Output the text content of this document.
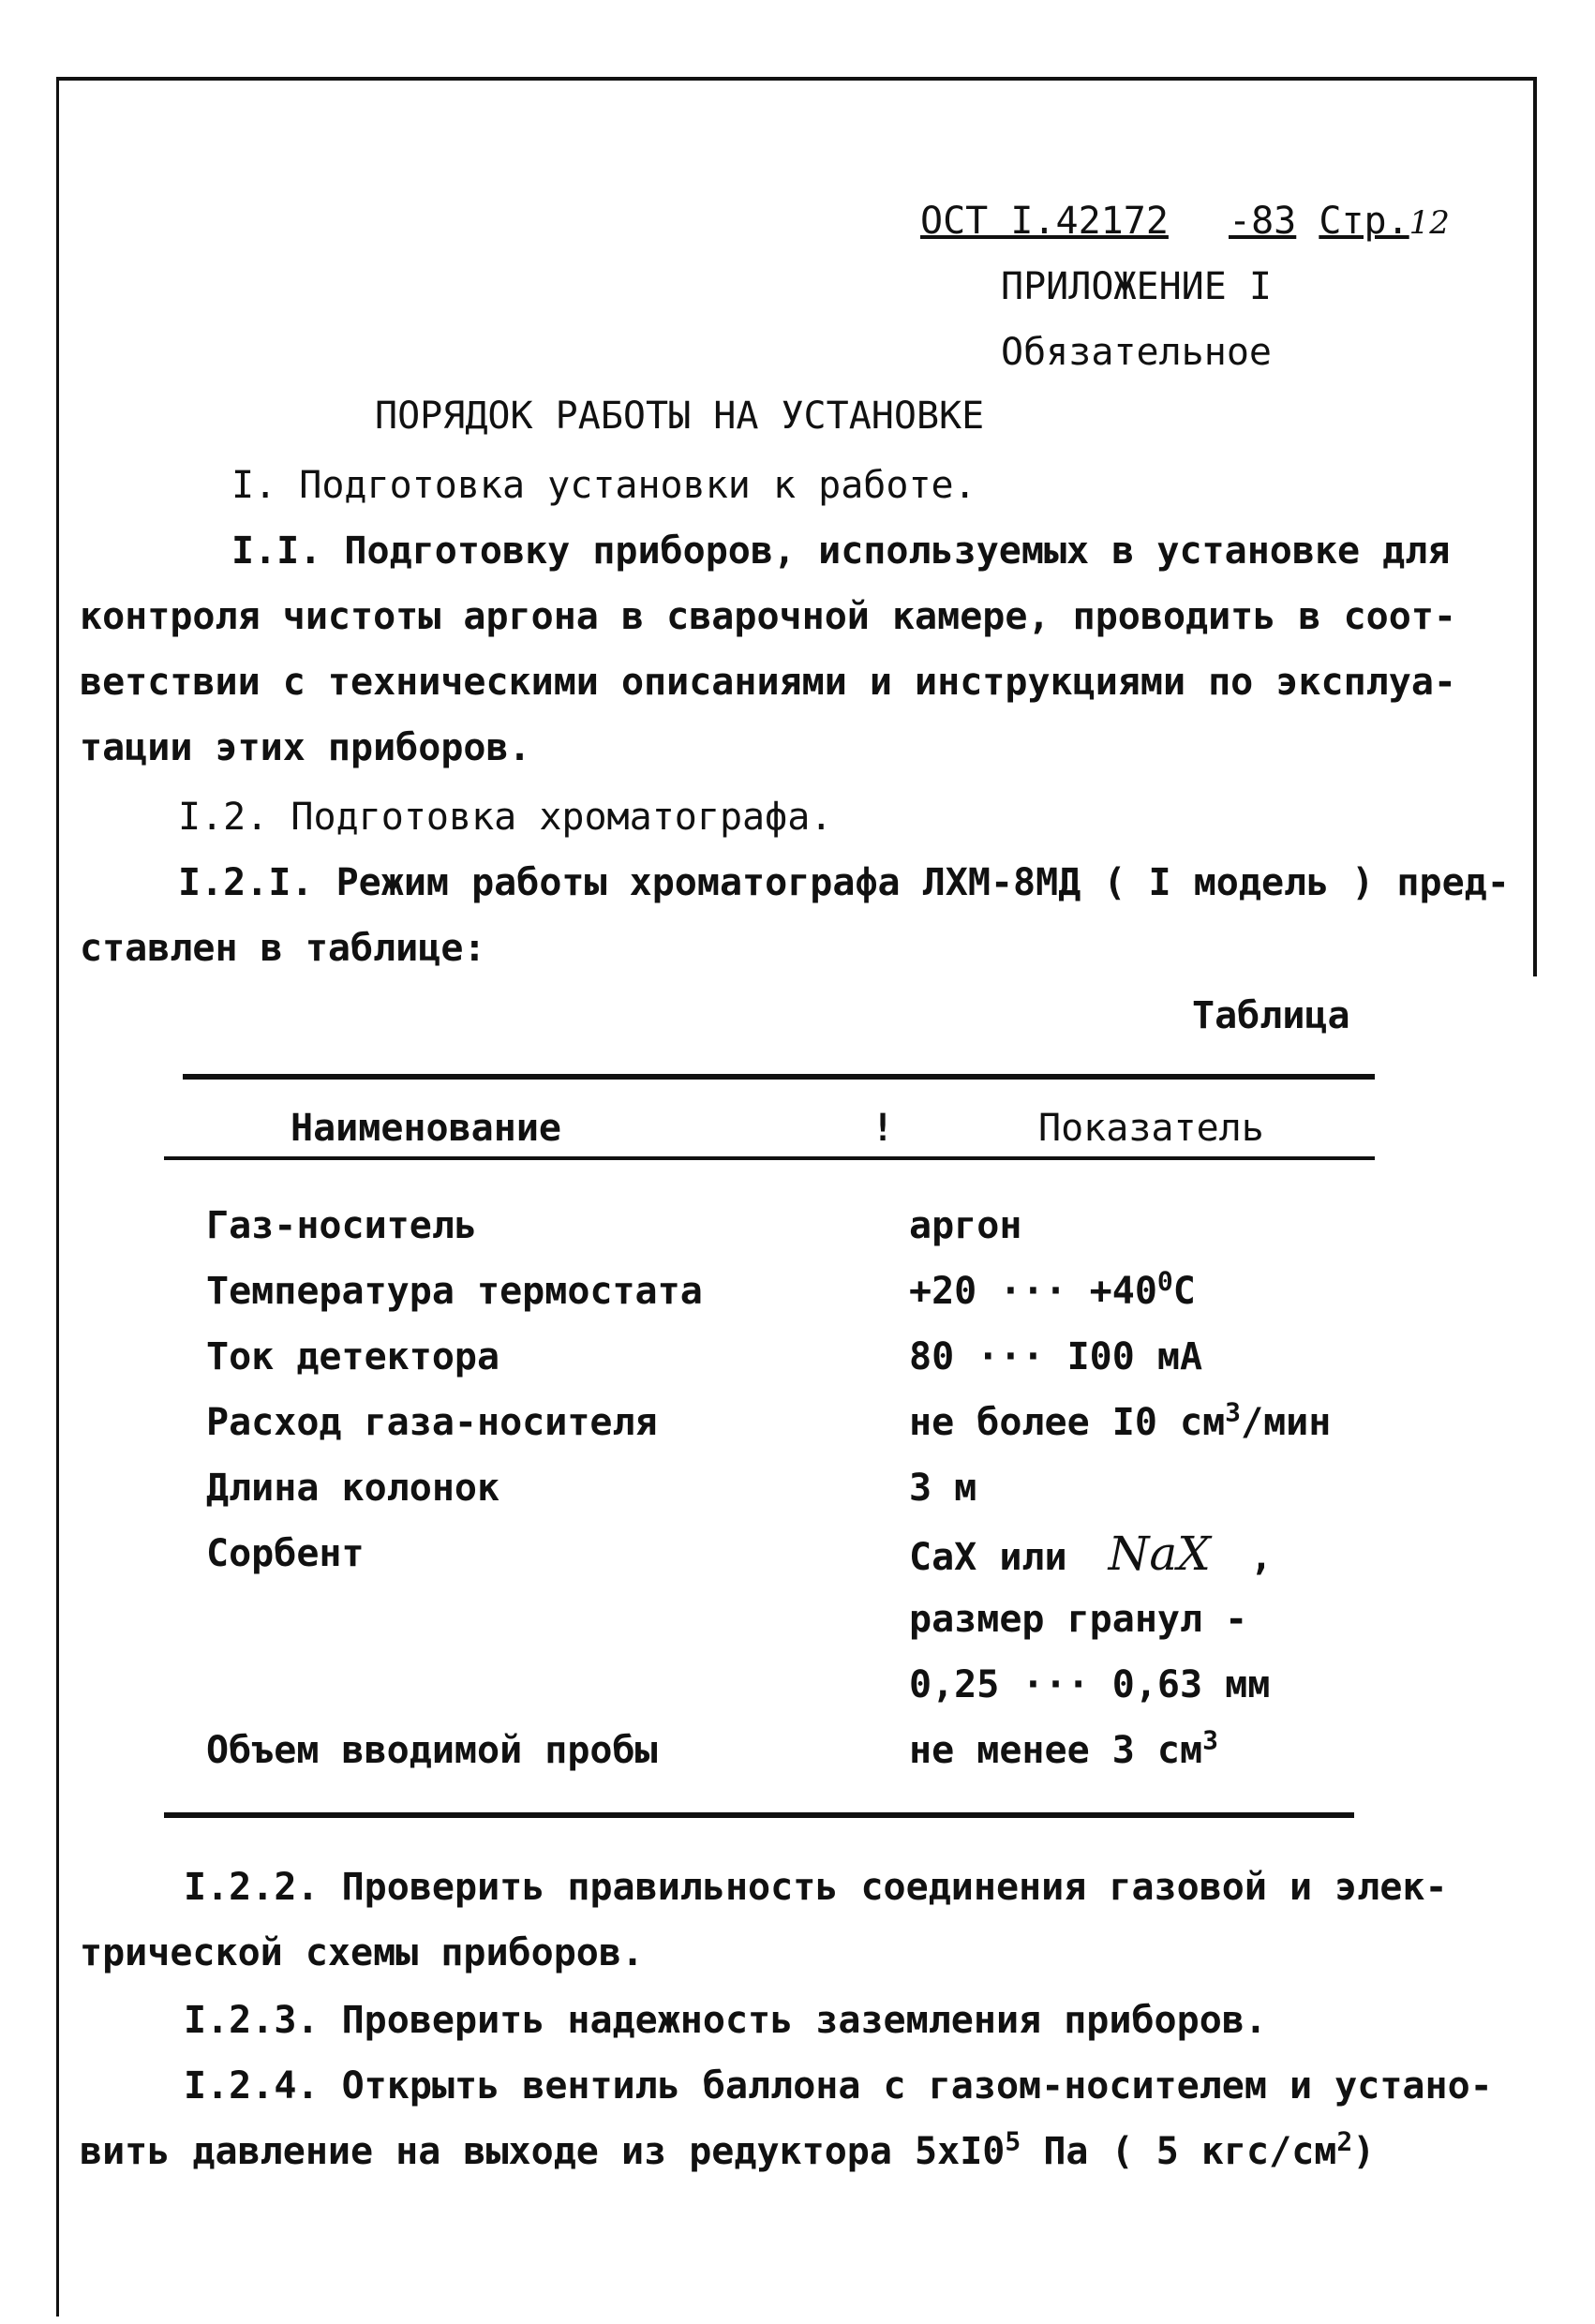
ОСТ I.42172 -83 Стр.12
ПРИЛОЖЕНИЕ I
Обязательное
ПОРЯДОК РАБОТЫ НА УСТАНОВКЕ
I. Подготовка установки к работе.
I.I. Подготовку приборов, используемых в установке для
контроля чистоты аргона в сварочной камере, проводить в соот-
ветствии с техническими описаниями и инструкциями по эксплуа-
тации этих приборов.
I.2. Подготовка хроматографа.
I.2.I. Режим работы хроматографа ЛХМ-8МД ( I модель ) пред-
ставлен в таблице:
Таблица
Наименование	!	Показатель
Газ-носитель	аргон
Температура термостата	+20 ··· $+40^0C$
Ток детектора	80 ··· I00 мА
Расход газа-носителя	не более I0 $см^3$/мин
Длина колонок	3 м
Сорбент	CaX или NaX ,
размер гранул -
0,25 ··· 0,63 мм
Объем вводимой пробы	не менее 3 $см^3$
I.2.2. Проверить правильность соединения газовой и элек-
трической схемы приборов.
I.2.3. Проверить надежность заземления приборов.
I.2.4. Открыть вентиль баллона с газом-носителем и устано-
вить давление на выходе из редуктора $5xI0^5$ Па ( 5 кгс/$см^2$)
